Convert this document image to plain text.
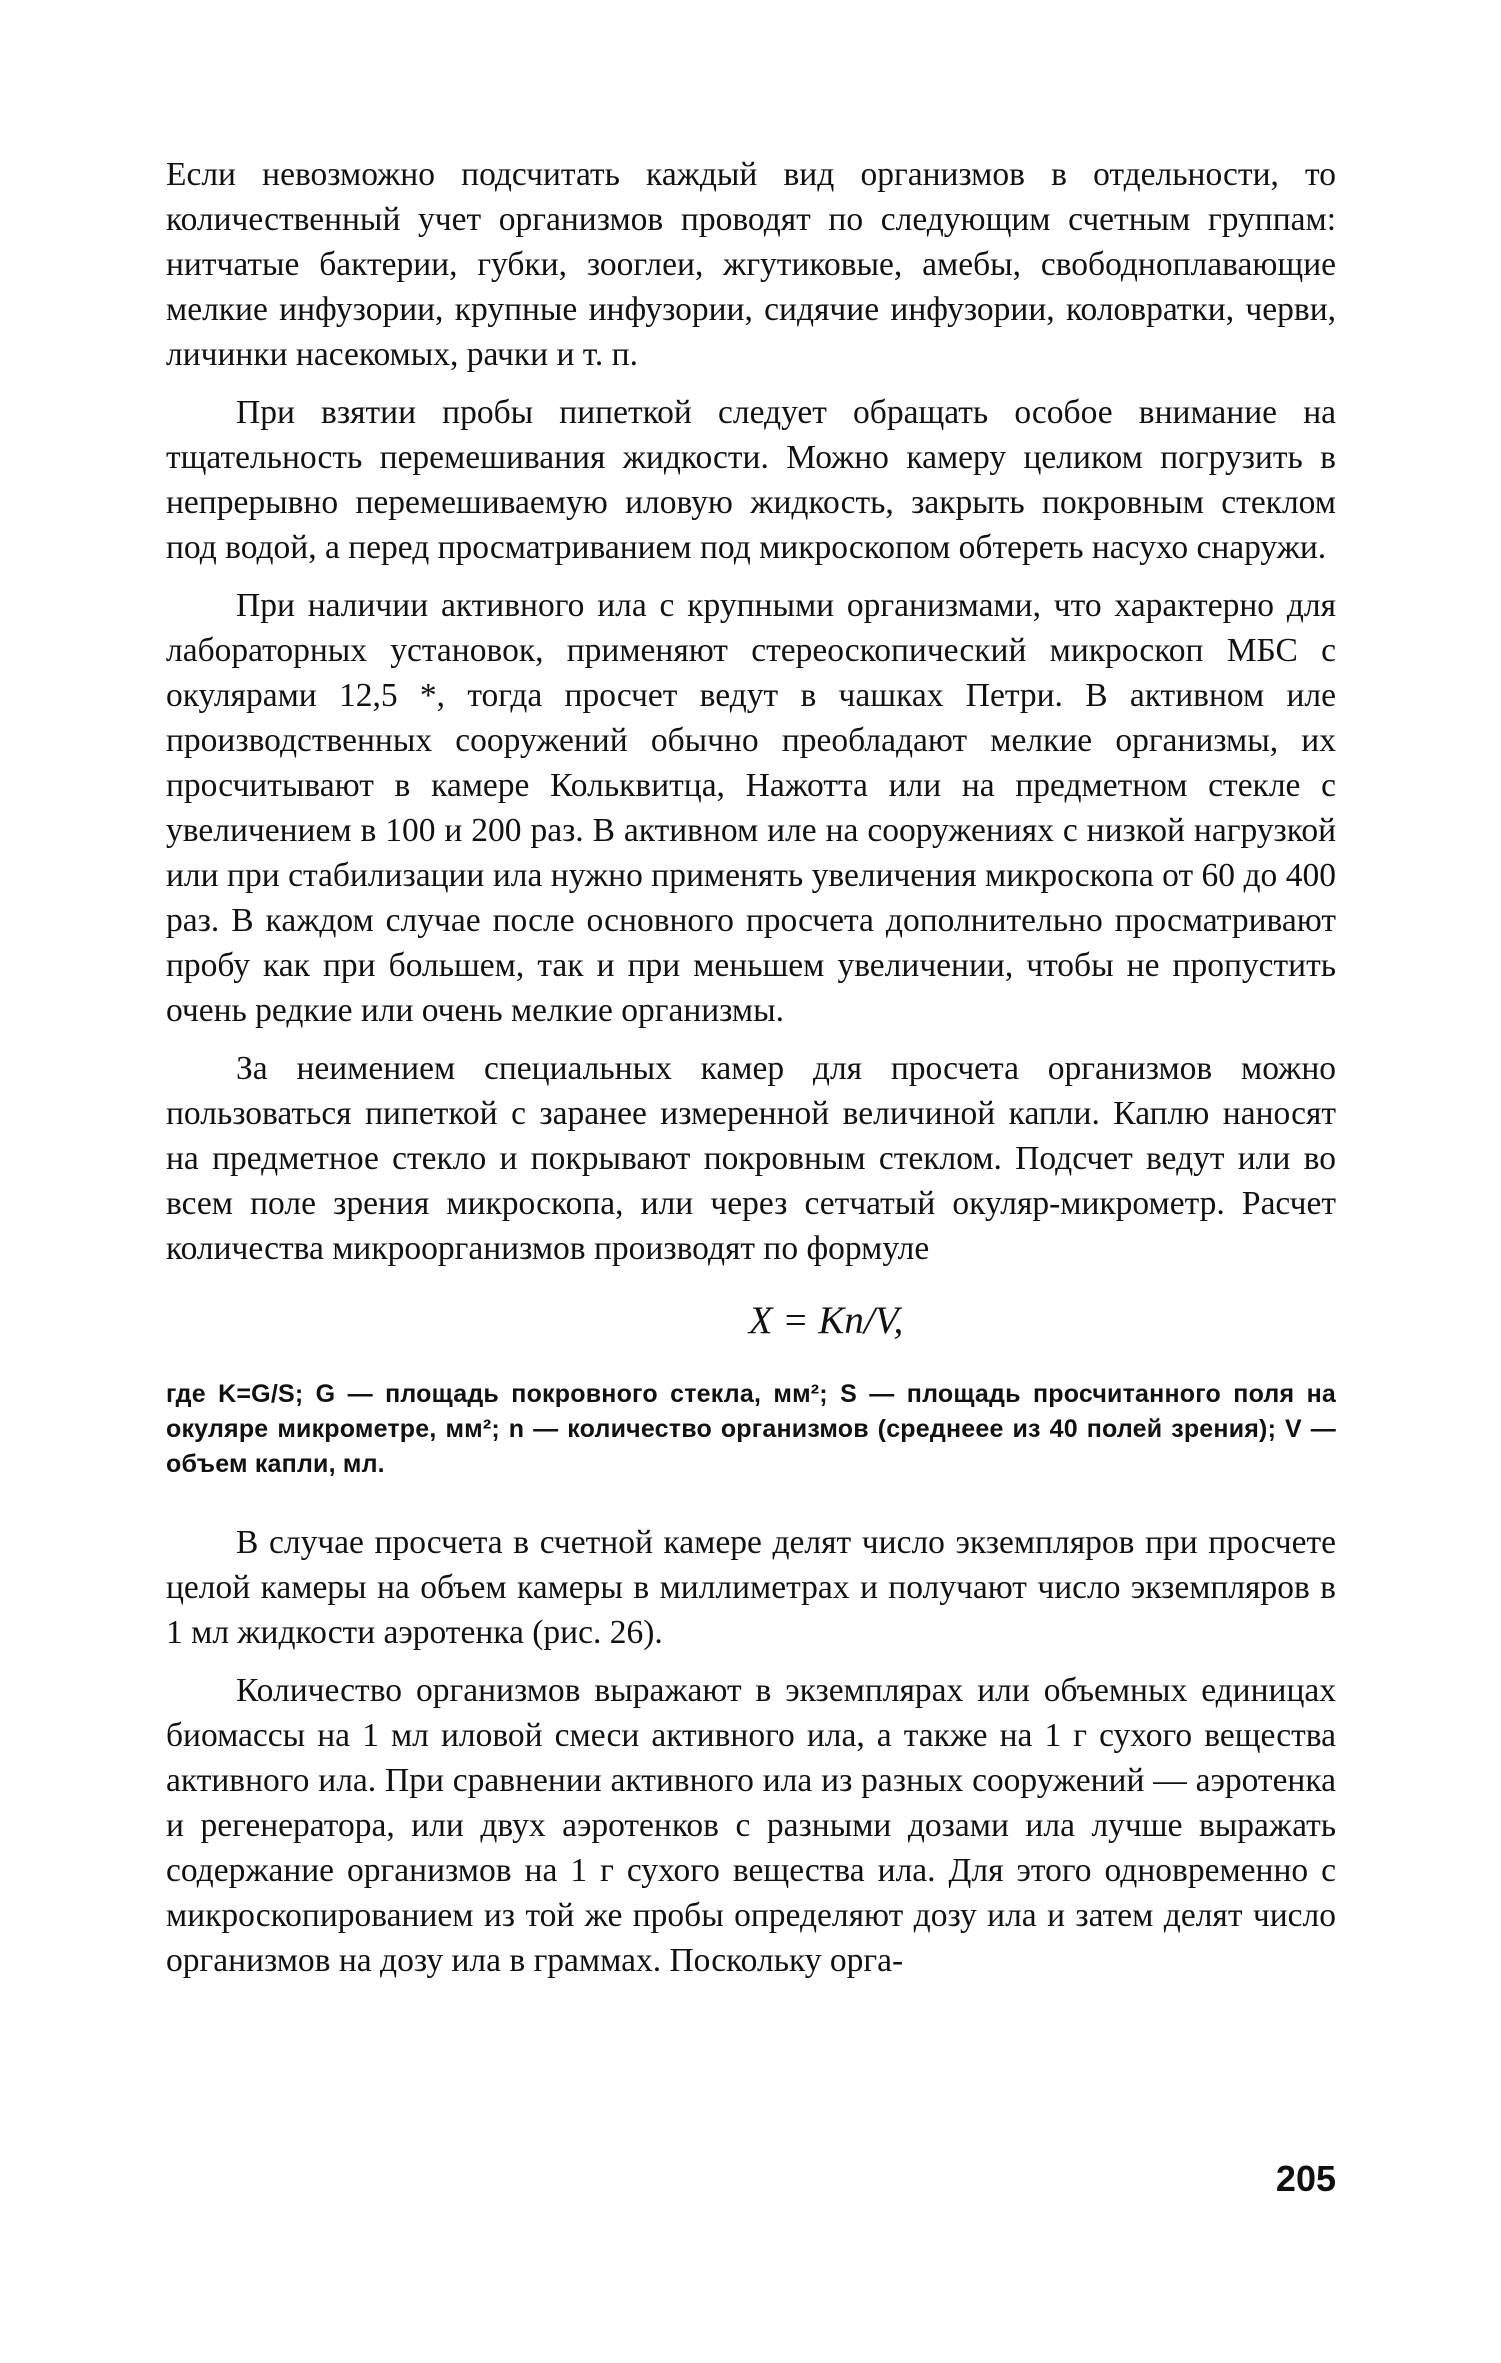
Если невозможно подсчитать каждый вид организмов в отдельности, то количественный учет организмов проводят по следующим счетным группам: нитчатые бактерии, губки, зооглеи, жгутиковые, амебы, свободноплавающие мелкие инфузории, крупные инфузории, сидячие инфузории, коловратки, черви, личинки насекомых, рачки и т. п.

При взятии пробы пипеткой следует обращать особое внимание на тщательность перемешивания жидкости. Можно камеру целиком погрузить в непрерывно перемешиваемую иловую жидкость, закрыть покровным стеклом под водой, а перед просматриванием под микроскопом обтереть насухо снаружи.

При наличии активного ила с крупными организмами, что характерно для лабораторных установок, применяют стереоскопический микроскоп МБС с окулярами 12,5 *, тогда просчет ведут в чашках Петри. В активном иле производственных сооружений обычно преобладают мелкие организмы, их просчитывают в камере Кольквитца, Нажотта или на предметном стекле с увеличением в 100 и 200 раз. В активном иле на сооружениях с низкой нагрузкой или при стабилизации ила нужно применять увеличения микроскопа от 60 до 400 раз. В каждом случае после основного просчета дополнительно просматривают пробу как при большем, так и при меньшем увеличении, чтобы не пропустить очень редкие или очень мелкие организмы.

За неимением специальных камер для просчета организмов можно пользоваться пипеткой с заранее измеренной величиной капли. Каплю наносят на предметное стекло и покрывают покровным стеклом. Подсчет ведут или во всем поле зрения микроскопа, или через сетчатый окуляр-микрометр. Расчет количества микроорганизмов производят по формуле

X = Kn/V,

где K=G/S; G — площадь покровного стекла, мм²; S — площадь просчитанного поля на окуляре микрометре, мм²; n — количество организмов (среднеее из 40 полей зрения); V — объем капли, мл.

В случае просчета в счетной камере делят число экземпляров при просчете целой камеры на объем камеры в миллиметрах и получают число экземпляров в 1 мл жидкости аэротенка (рис. 26).

Количество организмов выражают в экземплярах или объемных единицах биомассы на 1 мл иловой смеси активного ила, а также на 1 г сухого вещества активного ила. При сравнении активного ила из разных сооружений — аэротенка и регенератора, или двух аэротенков с разными дозами ила лучше выражать содержание организмов на 1 г сухого вещества ила. Для этого одновременно с микроскопированием из той же пробы определяют дозу ила и затем делят число организмов на дозу ила в граммах. Поскольку орга-

205
